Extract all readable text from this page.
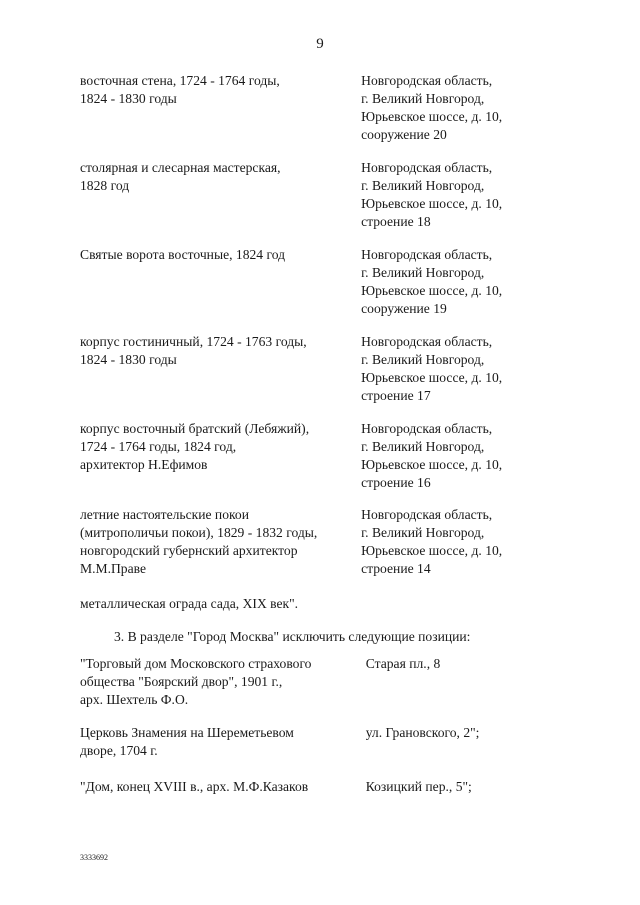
9
восточная стена, 1724 - 1764 годы,
1824 - 1830 годы
Новгородская область,
г. Великий Новгород,
Юрьевское шоссе, д. 10,
сооружение 20
столярная и слесарная мастерская,
1828 год
Новгородская область,
г. Великий Новгород,
Юрьевское шоссе, д. 10,
строение 18
Святые ворота восточные, 1824 год	Новгородская область,
г. Великий Новгород,
Юрьевское шоссе, д. 10,
сооружение 19
корпус гостиничный, 1724 - 1763 годы,
1824 - 1830 годы
Новгородская область,
г. Великий Новгород,
Юрьевское шоссе, д. 10,
строение 17
корпус восточный братский (Лебяжий),
1724 - 1764 годы, 1824 год,
архитектор Н.Ефимов
Новгородская область,
г. Великий Новгород,
Юрьевское шоссе, д. 10,
строение 16
летние настоятельские покои
(митрополичьи покои), 1829 - 1832 годы,
новгородский губернский архитектор
М.М.Праве
Новгородская область,
г. Великий Новгород,
Юрьевское шоссе, д. 10,
строение 14
металлическая ограда сада, XIX век".
3. В разделе "Город Москва" исключить следующие позиции:
"Торговый дом Московского страхового
общества "Боярский двор", 1901 г.,
арх. Шехтель Ф.О.
Старая пл., 8
Церковь Знамения на Шереметьевом
дворе, 1704 г.
ул. Грановского, 2";
"Дом, конец XVIII в., арх. М.Ф.Казаков	Козицкий пер., 5";
3333692
